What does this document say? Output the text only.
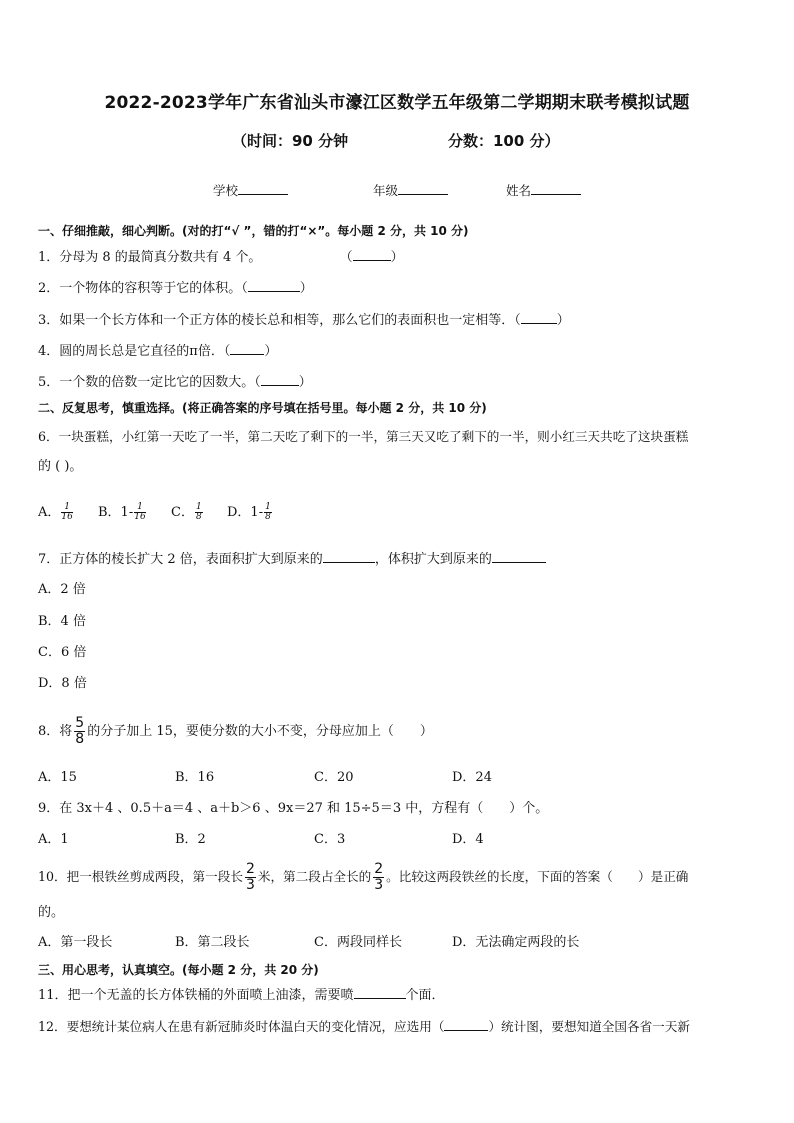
2022-2023学年广东省汕头市濠江区数学五年级第二学期期末联考模拟试题
（时间：90 分钟	分数：100 分）
学校	年级	姓名
一、仔细推敲，细心判断。(对的打“√ ”，错的打“×”。每小题 2 分，共 10 分)
1．分母为 8 的最简真分数共有 4 个。	（	）
2．一个物体的容积等于它的体积。（	）
3．如果一个长方体和一个正方体的棱长总和相等，那么它们的表面积也一定相等．（	）
4．圆的周长总是它直径的π倍．（	）
5．一个数的倍数一定比它的因数大。（	）
二、反复思考，慎重选择。(将正确答案的序号填在括号里。每小题 2 分，共 10 分)
6．一块蛋糕，小红第一天吃了一半，第二天吃了剩下的一半，第三天又吃了剩下的一半，则小红三天共吃了这块蛋糕
的 ( )。
A． $\frac{1}{16}$ B．$1- \frac{1}{16}$ C． $\frac{1}{8}$ D．$1- \frac{1}{8}$
7．正方体的棱长扩大 2 倍，表面积扩大到原来的	，体积扩大到原来的
A．2 倍
B．4 倍
C．6 倍
D．8 倍
8．将 $\frac{5}{8}$ 的分子加上 15，要使分数的大小不变，分母应加上（　　）
A．15	B．16	C．20	D．24
9．在 3x＋4 、0.5＋a＝4 、a＋b＞6 、9x＝27 和 15÷5＝3 中，方程有（　　）个。
A．1	B．2	C．3	D．4
10．把一根铁丝剪成两段，第一段长 $\frac{2}{3}$ 米，第二段占全长的 $\frac{2}{3}$ 。比较这两段铁丝的长度，下面的答案（　　）是正确
的。
A．第一段长	B．第二段长	C．两段同样长	D．无法确定两段的长
三、用心思考，认真填空。(每小题 2 分，共 20 分)
11．把一个无盖的长方体铁桶的外面喷上油漆，需要喷	个面．
12．要想统计某位病人在患有新冠肺炎时体温白天的变化情况，应选用（	）统计图，要想知道全国各省一天新
